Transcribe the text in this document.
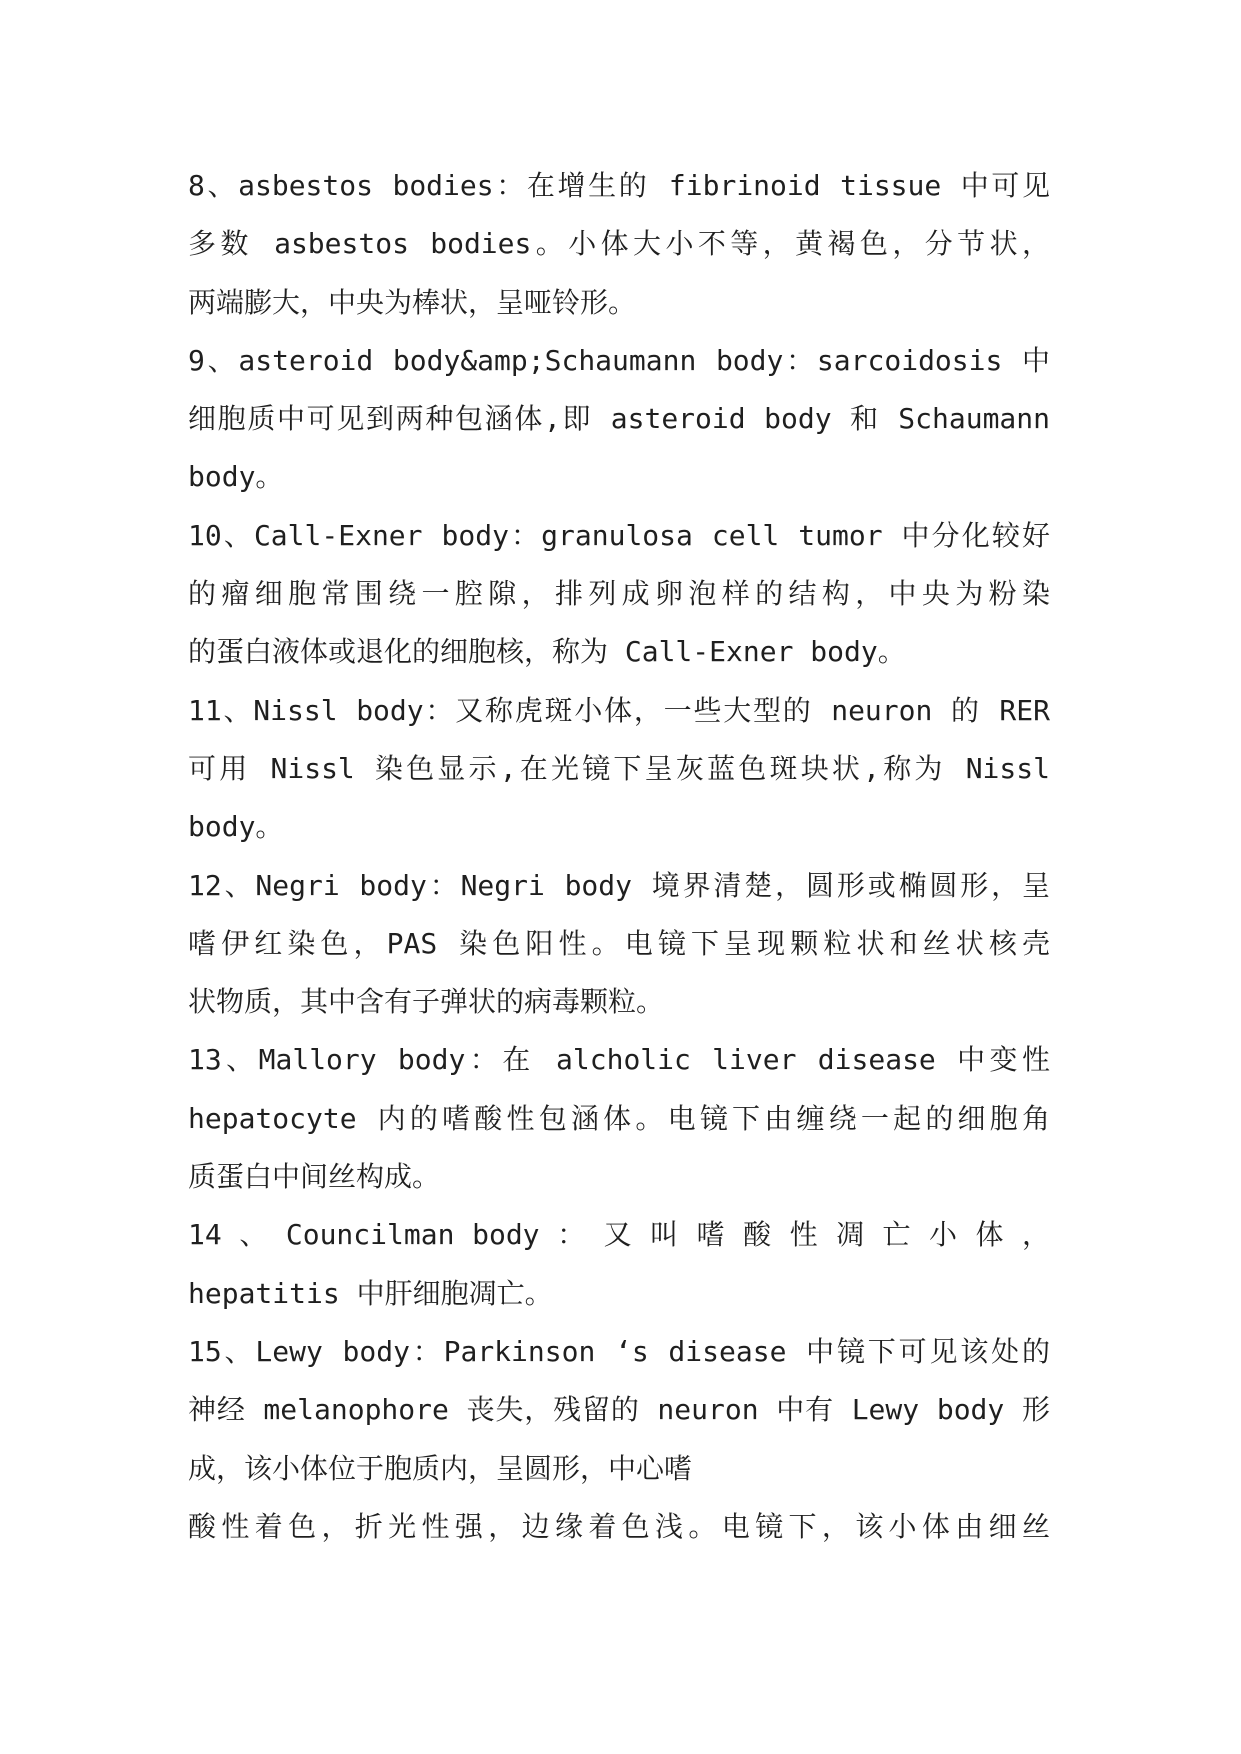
8、asbestos bodies：在增生的 fibrinoid tissue 中可见
多数 asbestos bodies。小体大小不等，黄褐色，分节状，
两端膨大，中央为棒状，呈哑铃形。
9、asteroid body&amp;Schaumann body：sarcoidosis 中
细胞质中可见到两种包涵体,即 asteroid body 和 Schaumann
body。
10、Call-Exner body：granulosa cell tumor 中分化较好
的瘤细胞常围绕一腔隙，排列成卵泡样的结构，中央为粉染
的蛋白液体或退化的细胞核，称为 Call-Exner body。
11、Nissl body：又称虎斑小体，一些大型的 neuron 的 RER
可用 Nissl 染色显示,在光镜下呈灰蓝色斑块状,称为 Nissl
body。
12、Negri body：Negri body 境界清楚，圆形或椭圆形，呈
嗜伊红染色，PAS 染色阳性。电镜下呈现颗粒状和丝状核壳
状物质，其中含有子弹状的病毒颗粒。
13、Mallory body：在 alcholic liver disease 中变性
hepatocyte 内的嗜酸性包涵体。电镜下由缠绕一起的细胞角
质蛋白中间丝构成。
14 、 Councilman body ： 又 叫 嗜 酸 性 凋 亡 小 体 ，
hepatitis 中肝细胞凋亡。
15、Lewy body：Parkinson ‘s disease 中镜下可见该处的
神经 melanophore 丧失，残留的 neuron 中有 Lewy body 形
成，该小体位于胞质内，呈圆形，中心嗜
酸性着色，折光性强，边缘着色浅。电镜下，该小体由细丝
